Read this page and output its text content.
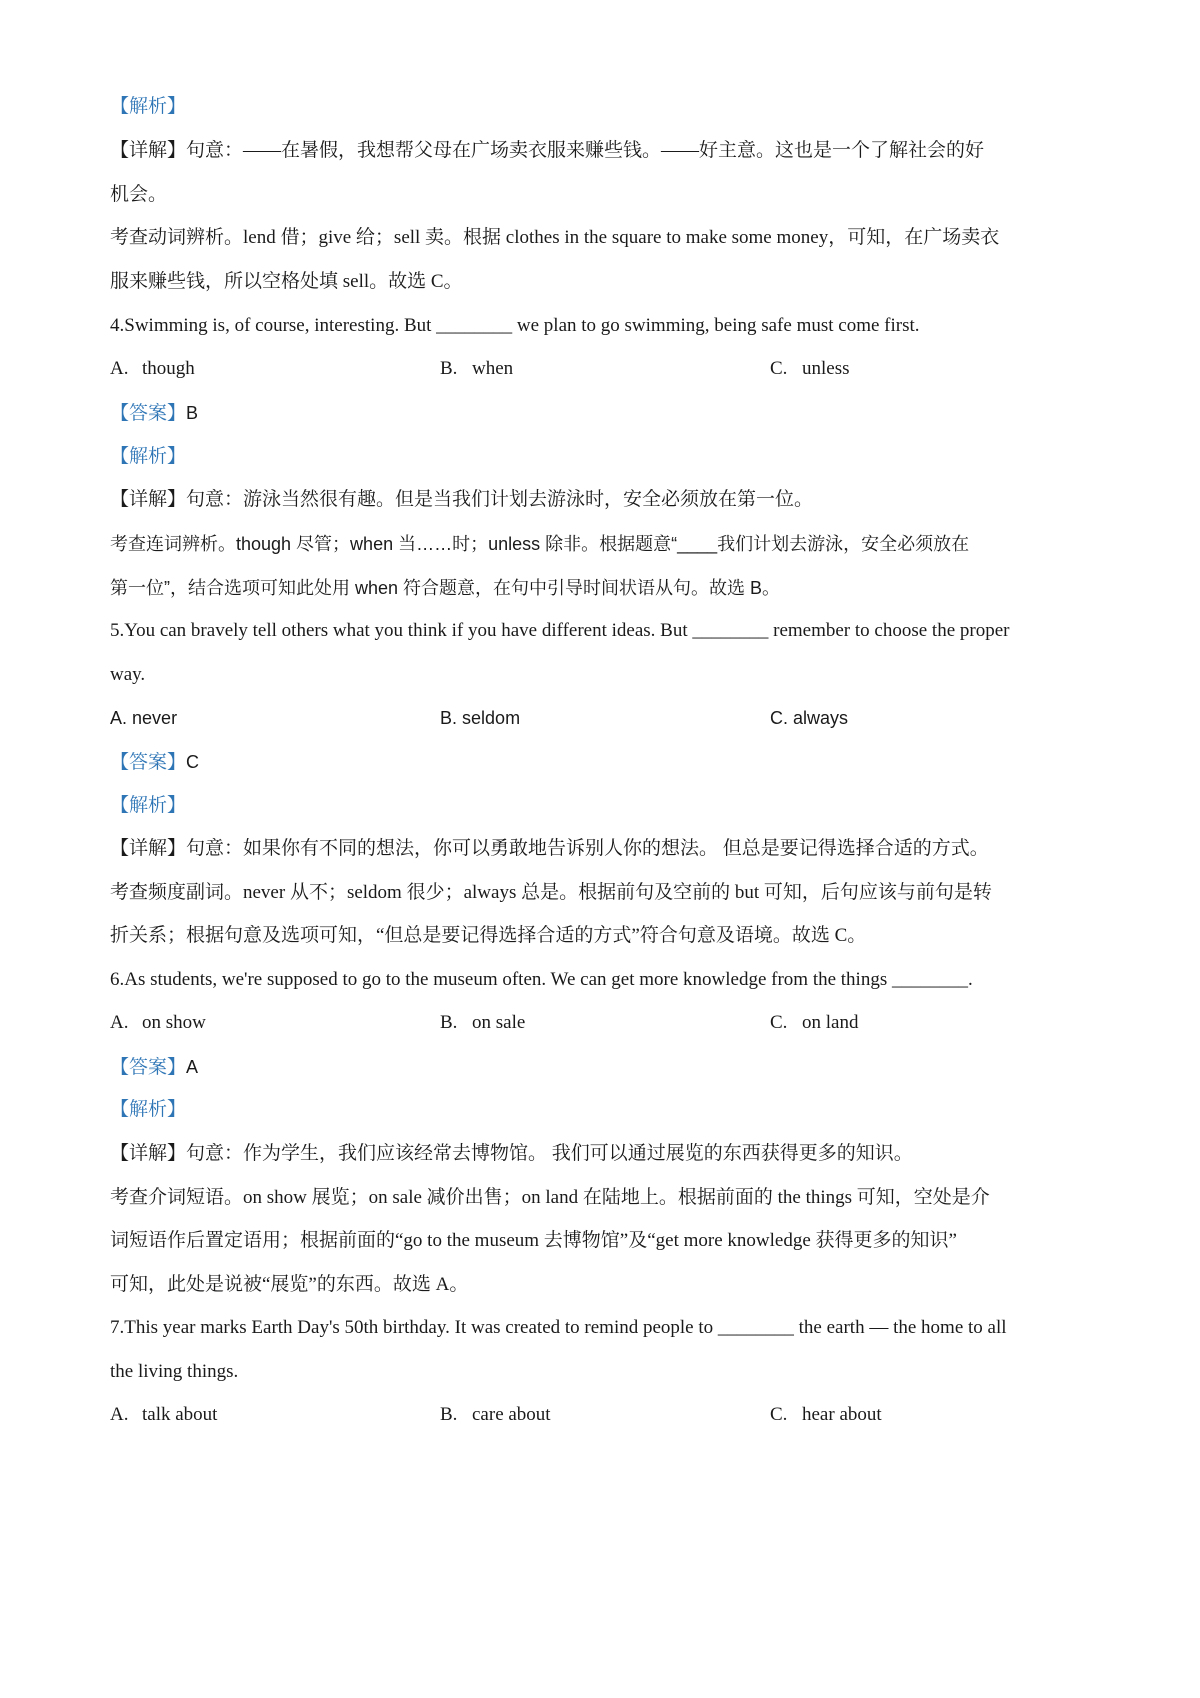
【解析】
【详解】句意：——在暑假，我想帮父母在广场卖衣服来赚些钱。——好主意。这也是一个了解社会的好
机会。
考查动词辨析。lend 借；give 给；sell 卖。根据 clothes in the square to make some money，可知，在广场卖衣
服来赚些钱，所以空格处填 sell。故选 C。
4.Swimming is, of course, interesting. But ________ we plan to go swimming, being safe must come first.
A. though	B. when	C. unless
【答案】B
【解析】
【详解】句意：游泳当然很有趣。但是当我们计划去游泳时，安全必须放在第一位。
考查连词辨析。though 尽管；when 当……时；unless 除非。根据题意“____我们计划去游泳，安全必须放在
第一位”，结合选项可知此处用 when 符合题意，在句中引导时间状语从句。故选 B。
5.You can bravely tell others what you think if you have different ideas. But ________ remember to choose the proper
way.
A. never	B. seldom	C. always
【答案】C
【解析】
【详解】句意：如果你有不同的想法，你可以勇敢地告诉别人你的想法。 但总是要记得选择合适的方式。
考查频度副词。never 从不；seldom 很少；always 总是。根据前句及空前的 but 可知，后句应该与前句是转
折关系；根据句意及选项可知，“但总是要记得选择合适的方式”符合句意及语境。故选 C。
6.As students, we're supposed to go to the museum often. We can get more knowledge from the things ________.
A. on show	B. on sale	C. on land
【答案】A
【解析】
【详解】句意：作为学生，我们应该经常去博物馆。 我们可以通过展览的东西获得更多的知识。
考查介词短语。on show 展览；on sale 减价出售；on land 在陆地上。根据前面的 the things 可知，空处是介
词短语作后置定语用；根据前面的“go to the museum 去博物馆”及“get more knowledge 获得更多的知识”
可知，此处是说被“展览”的东西。故选 A。
7.This year marks Earth Day's 50th birthday. It was created to remind people to ________ the earth — the home to all
the living things.
A. talk about	B. care about	C. hear about
